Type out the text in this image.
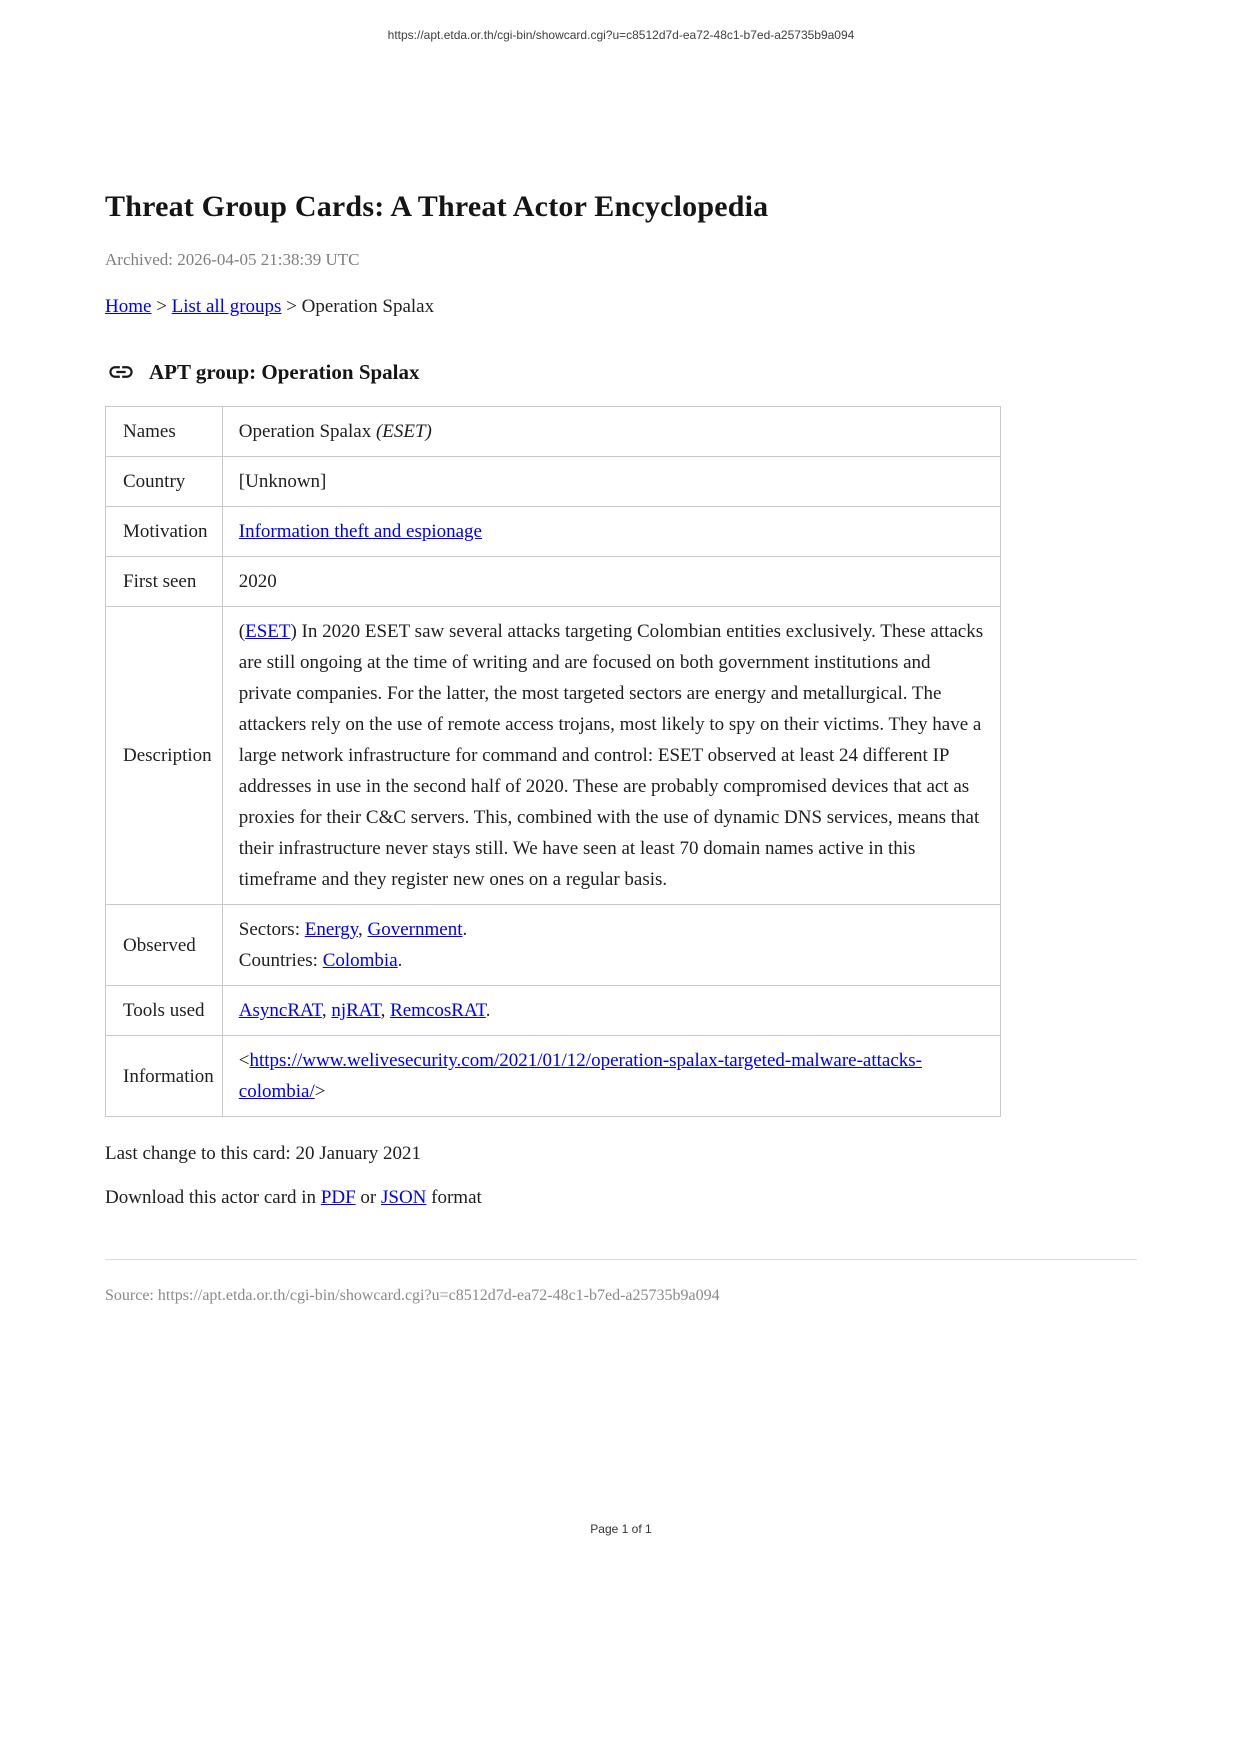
https://apt.etda.or.th/cgi-bin/showcard.cgi?u=c8512d7d-ea72-48c1-b7ed-a25735b9a094
Threat Group Cards: A Threat Actor Encyclopedia

Archived: 2026-04-05 21:38:39 UTC

Home > List all groups > Operation Spalax

APT group: Operation Spalax
Names	Operation Spalax (ESET)
Country	[Unknown]
Motivation	Information theft and espionage
First seen	2020
Description	(ESET) In 2020 ESET saw several attacks targeting Colombian entities exclusively. These attacks are still ongoing at the time of writing and are focused on both government institutions and private companies. For the latter, the most targeted sectors are energy and metallurgical. The attackers rely on the use of remote access trojans, most likely to spy on their victims. They have a large network infrastructure for command and control: ESET observed at least 24 different IP addresses in use in the second half of 2020. These are probably compromised devices that act as proxies for their C&C servers. This, combined with the use of dynamic DNS services, means that their infrastructure never stays still. We have seen at least 70 domain names active in this timeframe and they register new ones on a regular basis.
Observed	Sectors: Energy, Government.
Countries: Colombia.
Tools used	AsyncRAT, njRAT, RemcosRAT.
Information	<https://www.welivesecurity.com/2021/01/12/operation-spalax-targeted-malware-attacks-colombia/>

Last change to this card: 20 January 2021

Download this actor card in PDF or JSON format

Source: https://apt.etda.or.th/cgi-bin/showcard.cgi?u=c8512d7d-ea72-48c1-b7ed-a25735b9a094

Page 1 of 1
